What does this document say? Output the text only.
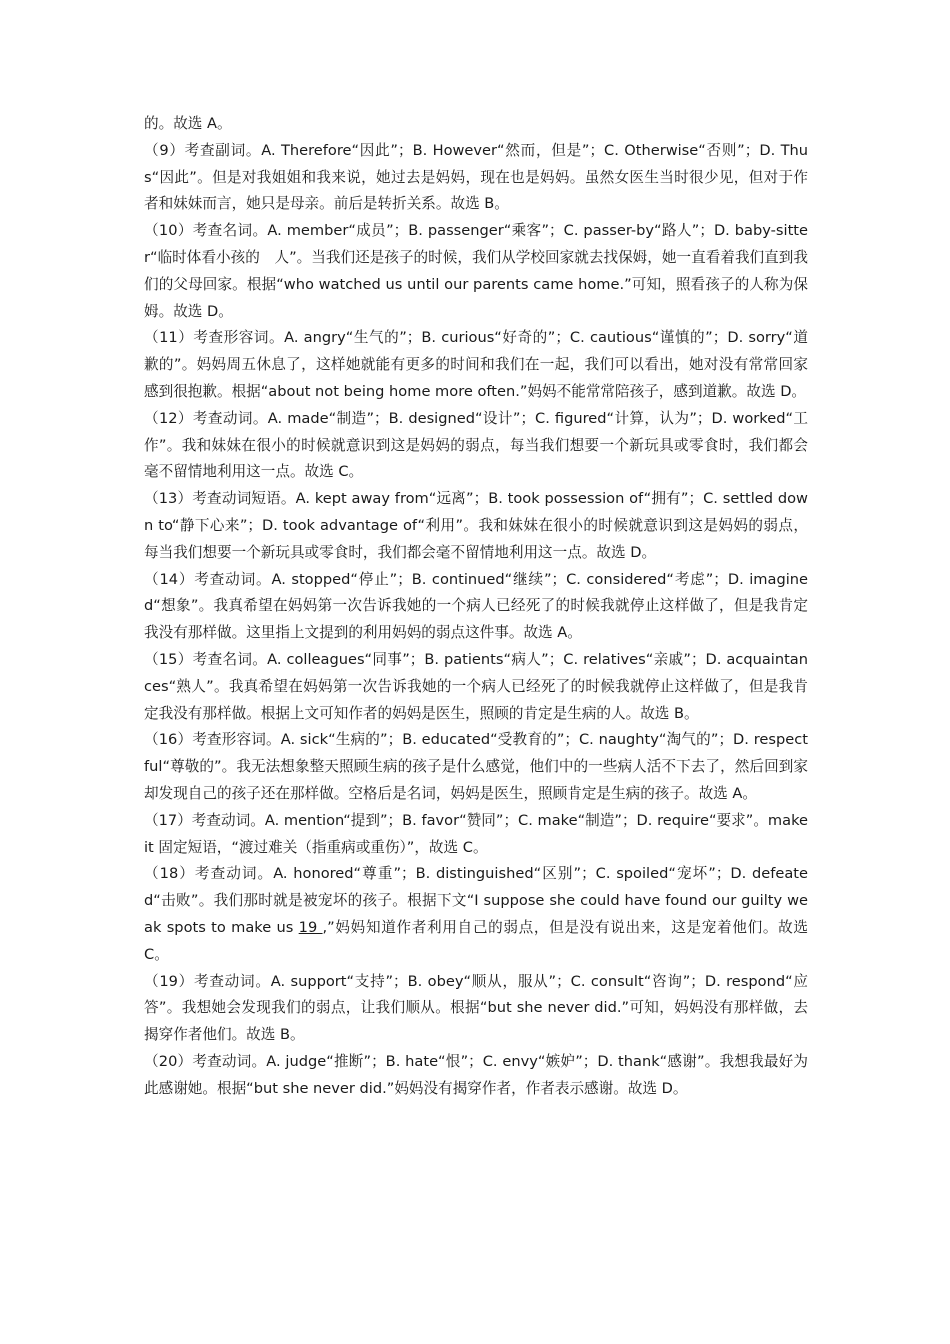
的。故选 A。

（9）考查副词。A. Therefore“因此”；B. However“然而，但是”；C. Otherwise“否则”；D. Thus“因此”。但是对我姐姐和我来说，她过去是妈妈，现在也是妈妈。虽然女医生当时很少见，但对于作者和妹妹而言，她只是母亲。前后是转折关系。故选 B。

（10）考查名词。A. member“成员”；B. passenger“乘客”；C. passer-by“路人”；D. baby-sitter“临时体看小孩的　人”。当我们还是孩子的时候，我们从学校回家就去找保姆，她一直看着我们直到我们的父母回家。根据“who watched us until our parents came home.”可知，照看孩子的人称为保姆。故选 D。

（11）考查形容词。A. angry“生气的”；B. curious“好奇的”；C. cautious“谨慎的”；D. sorry“道歉的”。妈妈周五休息了，这样她就能有更多的时间和我们在一起，我们可以看出，她对没有常常回家感到很抱歉。根据“about not being home more often.”妈妈不能常常陪孩子，感到道歉。故选 D。

（12）考查动词。A. made“制造”；B. designed“设计”；C. figured“计算，认为”；D. worked“工作”。我和妹妹在很小的时候就意识到这是妈妈的弱点，每当我们想要一个新玩具或零食时，我们都会毫不留情地利用这一点。故选 C。

（13）考查动词短语。A. kept away from“远离”；B. took possession of“拥有”；C. settled down to“静下心来”；D. took advantage of“利用”。我和妹妹在很小的时候就意识到这是妈妈的弱点，每当我们想要一个新玩具或零食时，我们都会毫不留情地利用这一点。故选 D。

（14）考查动词。A. stopped“停止”；B. continued“继续”；C. considered“考虑”；D. imagined“想象”。我真希望在妈妈第一次告诉我她的一个病人已经死了的时候我就停止这样做了，但是我肯定我没有那样做。这里指上文提到的利用妈妈的弱点这件事。故选 A。

（15）考查名词。A. colleagues“同事”；B. patients“病人”；C. relatives“亲戚”；D. acquaintances“熟人”。我真希望在妈妈第一次告诉我她的一个病人已经死了的时候我就停止这样做了，但是我肯定我没有那样做。根据上文可知作者的妈妈是医生，照顾的肯定是生病的人。故选 B。

（16）考查形容词。A. sick“生病的”；B. educated“受教育的”；C. naughty“淘气的”；D. respectful“尊敬的”。我无法想象整天照顾生病的孩子是什么感觉，他们中的一些病人活不下去了，然后回到家却发现自己的孩子还在那样做。空格后是名词，妈妈是医生，照顾肯定是生病的孩子。故选 A。

（17）考查动词。A. mention“提到”；B. favor“赞同”；C. make“制造”；D. require“要求”。make it 固定短语，“渡过难关（指重病或重伤）”，故选 C。

（18）考查动词。A. honored“尊重”；B. distinguished“区别”；C. spoiled“宠坏”；D. defeated“击败”。我们那时就是被宠坏的孩子。根据下文“I suppose she could have found our guilty weak spots to make us 19 ,”妈妈知道作者利用自己的弱点，但是没有说出来，这是宠着他们。故选 C。

（19）考查动词。A. support“支持”；B. obey“顺从，服从”；C. consult“咨询”；D. respond“应答”。我想她会发现我们的弱点，让我们顺从。根据“but she never did.”可知，妈妈没有那样做，去揭穿作者他们。故选 B。

（20）考查动词。A. judge“推断”；B. hate“恨”；C. envy“嫉妒”；D. thank“感谢”。我想我最好为此感谢她。根据“but she never did.”妈妈没有揭穿作者，作者表示感谢。故选 D。
